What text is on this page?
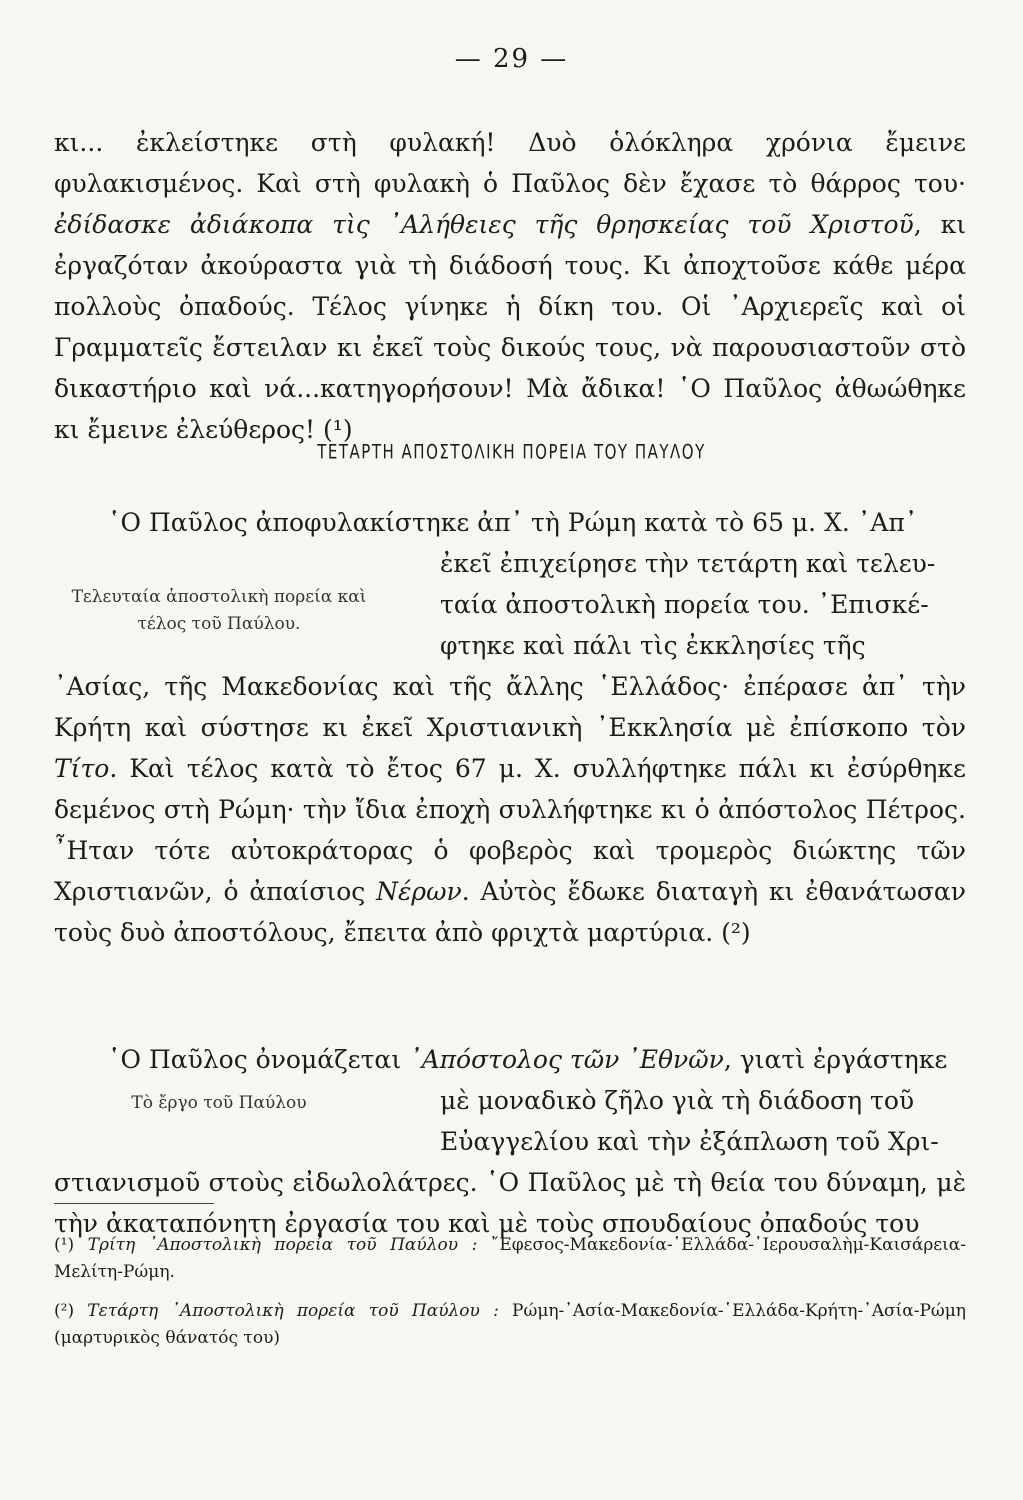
— 29 —

κι... ἐκλείστηκε στὴ φυλακή! Δυὸ ὁλόκληρα χρόνια ἔμεινε φυλακισμένος. Καὶ στὴ φυλακὴ ὁ Παῦλος δὲν ἔχασε τὸ θάρρος του· ἐδίδασκε ἀδιάκοπα τὶς ᾿Αλήθειες τῆς θρησκείας τοῦ Χριστοῦ, κι ἐργαζόταν ἀκούραστα γιὰ τὴ διάδοσή τους. Κι ἀποχτοῦσε κάθε μέρα πολλοὺς ὀπαδούς. Τέλος γίνηκε ἡ δίκη του. Οἱ ᾿Αρχιερεῖς καὶ οἱ Γραμματεῖς ἔστειλαν κι ἐκεῖ τοὺς δικούς τους, νὰ παρουσιαστοῦν στὸ δικαστήριο καὶ νά...κατηγορήσουν! Μὰ ἄδικα! ῾Ο Παῦλος ἀθωώθηκε κι ἔμεινε ἐλεύθερος! (¹)

ΤΕΤΑΡΤΗ ΑΠΟΣΤΟΛΙΚΗ ΠΟΡΕΙΑ ΤΟΥ ΠΑΥΛΟΥ

῾Ο Παῦλος ἀποφυλακίστηκε ἀπ᾿ τὴ Ρώμη κατὰ τὸ 65 μ. Χ. ᾿Απ᾿

Τελευταία ἀποστολικὴ πορεία καὶ τέλος τοῦ Παύλου.
ἐκεῖ ἐπιχείρησε τὴν τετάρτη καὶ τελευ-
ταία ἀποστολικὴ πορεία του. ᾿Επισκέ-
φτηκε καὶ πάλι τὶς ἐκκλησίες τῆς

᾿Ασίας, τῆς Μακεδονίας καὶ τῆς ἄλλης ῾Ελλάδος· ἐπέρασε ἀπ᾿ τὴν Κρήτη καὶ σύστησε κι ἐκεῖ Χριστιανικὴ ᾿Εκκλησία μὲ ἐπίσκοπο τὸν Τίτο. Καὶ τέλος κατὰ τὸ ἔτος 67 μ. Χ. συλλήφτηκε πάλι κι ἐσύρθηκε δεμένος στὴ Ρώμη· τὴν ἴδια ἐποχὴ συλλήφτηκε κι ὁ ἀπόστολος Πέτρος. ῏Ηταν τότε αὐτοκράτορας ὁ φοβερὸς καὶ τρομερὸς διώκτης τῶν Χριστιανῶν, ὁ ἀπαίσιος Νέρων. Αὐτὸς ἔδωκε διαταγὴ κι ἐθανάτωσαν τοὺς δυὸ ἀποστόλους, ἔπειτα ἀπὸ φριχτὰ μαρτύρια. (²)

῾Ο Παῦλος ὀνομάζεται ᾿Απόστολος τῶν ᾿Εθνῶν, γιατὶ ἐργάστηκε

Τὸ ἔργο τοῦ Παύλου	μὲ μοναδικὸ ζῆλο γιὰ τὴ διάδοση τοῦ
Εὐαγγελίου καὶ τὴν ἐξάπλωση τοῦ Χρι-

στιανισμοῦ στοὺς εἰδωλολάτρες. ῾Ο Παῦλος μὲ τὴ θεία του δύναμη, μὲ τὴν ἀκαταπόνητη ἐργασία του καὶ μὲ τοὺς σπουδαίους ὀπαδούς του

(¹) Τρίτη ᾿Αποστολικὴ πορεία τοῦ Παύλου : ῎Εφεσος-Μακεδονία-῾Ελλάδα-῾Ιερουσαλὴμ-Καισάρεια-Μελίτη-Ρώμη.

(²) Τετάρτη ᾿Αποστολικὴ πορεία τοῦ Παύλου : Ρώμη-᾿Ασία-Μακεδονία-῾Ελλάδα-Κρήτη-᾿Ασία-Ρώμη (μαρτυρικὸς θάνατός του)
